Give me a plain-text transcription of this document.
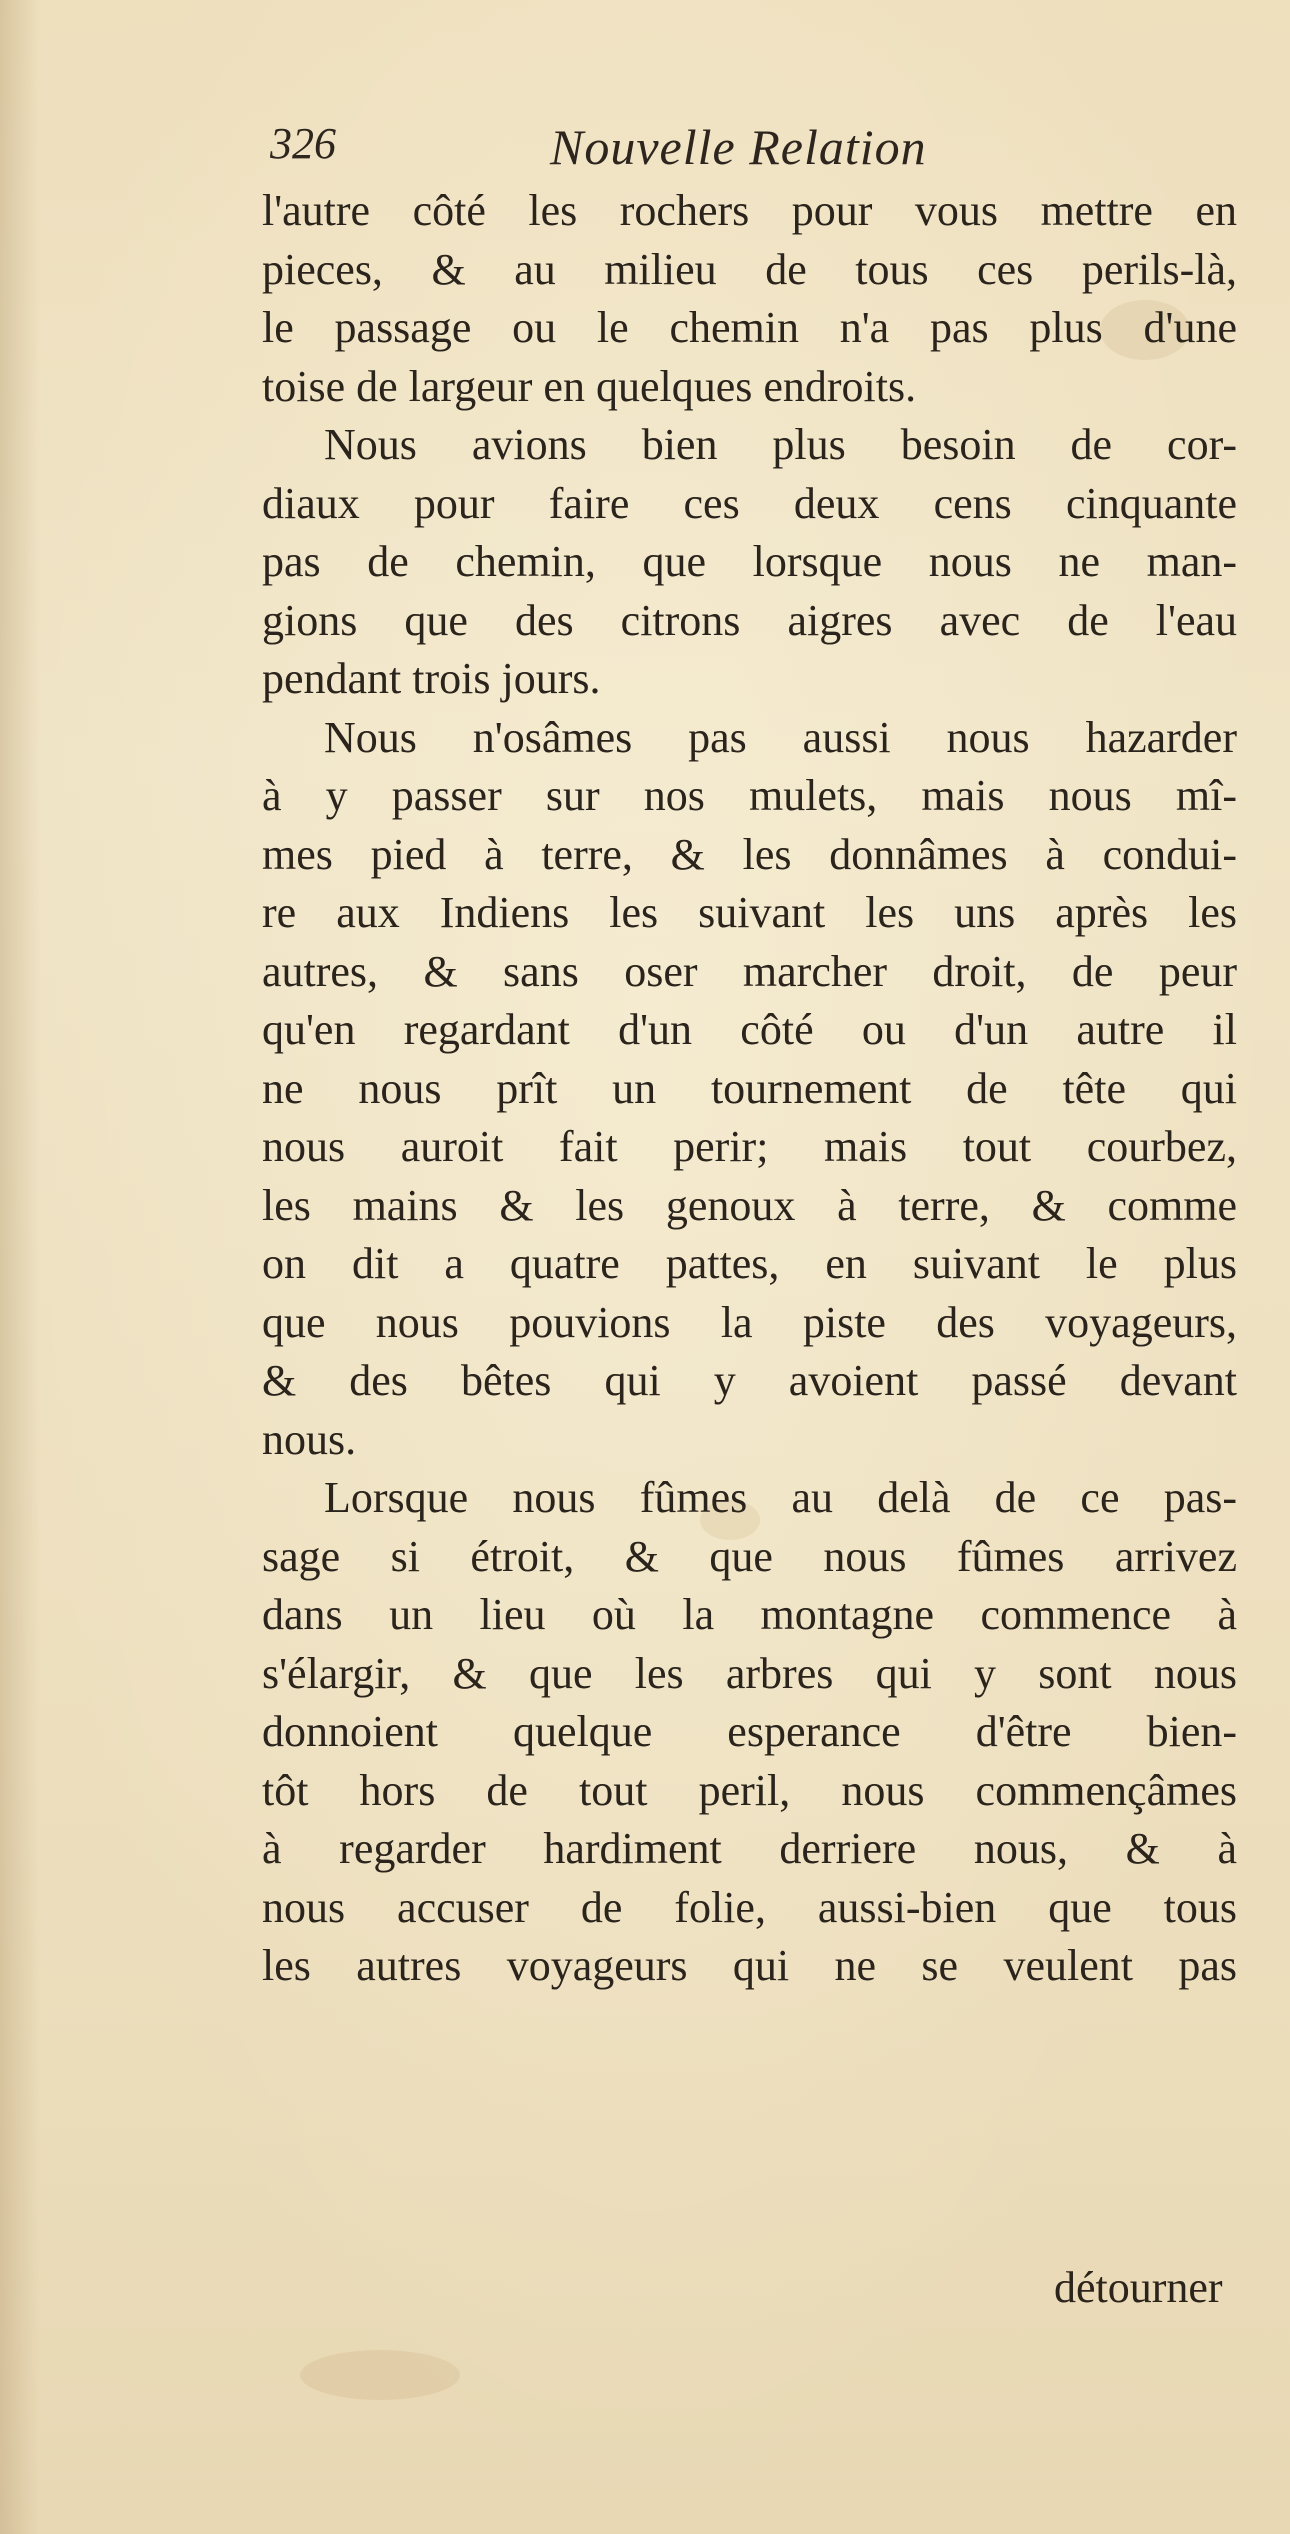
326	Nouvelle Relation
l'autre côté les rochers pour vous mettre en
pieces, & au milieu de tous ces perils-là,
le passage ou le chemin n'a pas plus d'une
toise de largeur en quelques endroits.
Nous avions bien plus besoin de cor-
diaux pour faire ces deux cens cinquante
pas de chemin, que lorsque nous ne man-
gions que des citrons aigres avec de l'eau
pendant trois jours.
Nous n'osâmes pas aussi nous hazarder
à y passer sur nos mulets, mais nous mî-
mes pied à terre, & les donnâmes à condui-
re aux Indiens les suivant les uns après les
autres, & sans oser marcher droit, de peur
qu'en regardant d'un côté ou d'un autre il
ne nous prît un tournement de tête qui
nous auroit fait perir; mais tout courbez,
les mains & les genoux à terre, & comme
on dit a quatre pattes, en suivant le plus
que nous pouvions la piste des voyageurs,
& des bêtes qui y avoient passé devant
nous.
Lorsque nous fûmes au delà de ce pas-
sage si étroit, & que nous fûmes arrivez
dans un lieu où la montagne commence à
s'élargir, & que les arbres qui y sont nous
donnoient quelque esperance d'être bien-
tôt hors de tout peril, nous commençâmes
à regarder hardiment derriere nous, & à
nous accuser de folie, aussi-bien que tous
les autres voyageurs qui ne se veulent pas
détourner
